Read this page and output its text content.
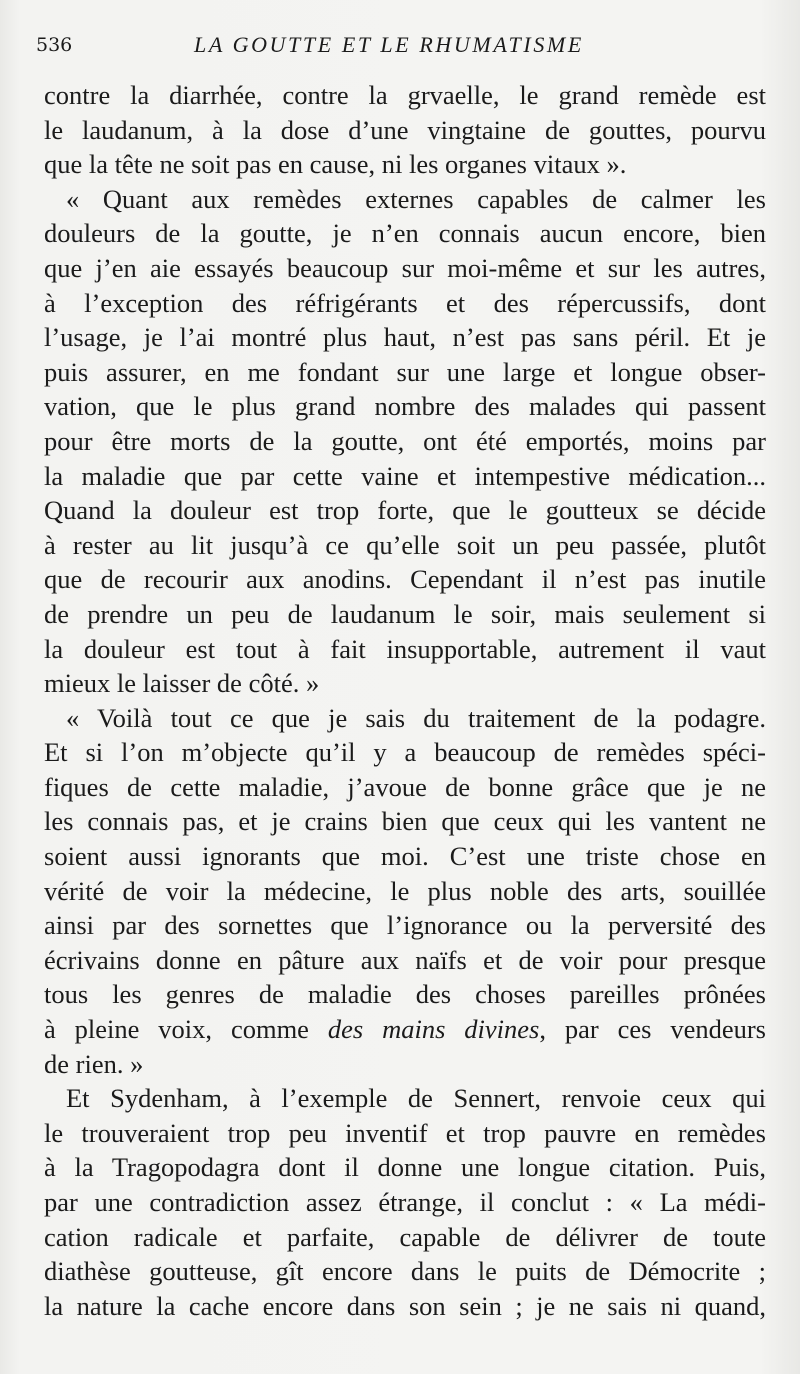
536	LA GOUTTE ET LE RHUMATISME
contre la diarrhée, contre la grvaelle, le grand remède est
le laudanum, à la dose d’une vingtaine de gouttes, pourvu
que la tête ne soit pas en cause, ni les organes vitaux ».
« Quant aux remèdes externes capables de calmer les
douleurs de la goutte, je n’en connais aucun encore, bien
que j’en aie essayés beaucoup sur moi-même et sur les autres,
à l’exception des réfrigérants et des répercussifs, dont
l’usage, je l’ai montré plus haut, n’est pas sans péril. Et je
puis assurer, en me fondant sur une large et longue obser-
vation, que le plus grand nombre des malades qui passent
pour être morts de la goutte, ont été emportés, moins par
la maladie que par cette vaine et intempestive médication...
Quand la douleur est trop forte, que le goutteux se décide
à rester au lit jusqu’à ce qu’elle soit un peu passée, plutôt
que de recourir aux anodins. Cependant il n’est pas inutile
de prendre un peu de laudanum le soir, mais seulement si
la douleur est tout à fait insupportable, autrement il vaut
mieux le laisser de côté. »
« Voilà tout ce que je sais du traitement de la podagre.
Et si l’on m’objecte qu’il y a beaucoup de remèdes spéci-
fiques de cette maladie, j’avoue de bonne grâce que je ne
les connais pas, et je crains bien que ceux qui les vantent ne
soient aussi ignorants que moi. C’est une triste chose en
vérité de voir la médecine, le plus noble des arts, souillée
ainsi par des sornettes que l’ignorance ou la perversité des
écrivains donne en pâture aux naïfs et de voir pour presque
tous les genres de maladie des choses pareilles prônées
à pleine voix, comme des mains divines, par ces vendeurs
de rien. »
Et Sydenham, à l’exemple de Sennert, renvoie ceux qui
le trouveraient trop peu inventif et trop pauvre en remèdes
à la Tragopodagra dont il donne une longue citation. Puis,
par une contradiction assez étrange, il conclut : « La médi-
cation radicale et parfaite, capable de délivrer de toute
diathèse goutteuse, gît encore dans le puits de Démocrite ;
la nature la cache encore dans son sein ; je ne sais ni quand,
